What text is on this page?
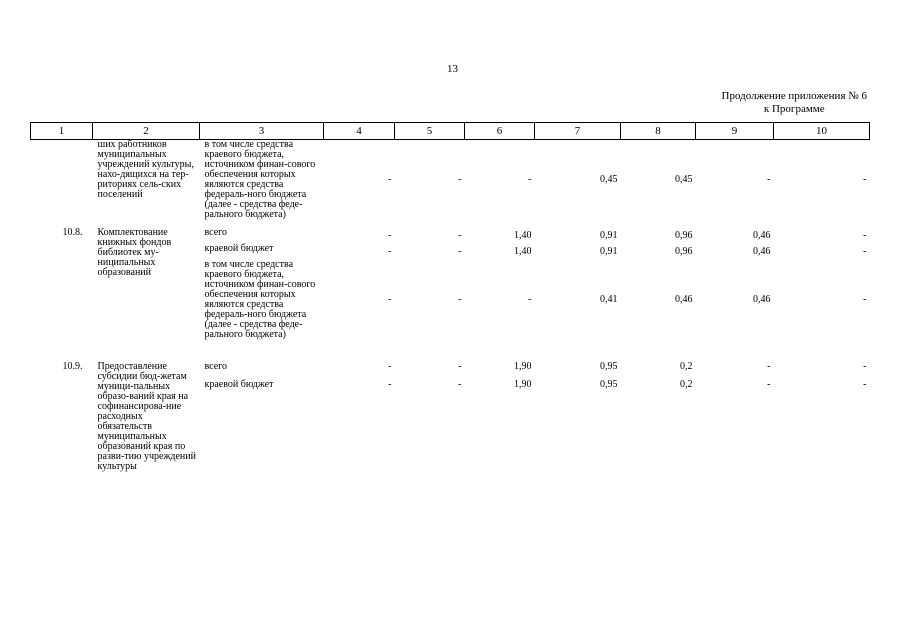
13
Продолжение приложения № 6
к Программе
1	2	3	4	5	6	7	8	9	10
	ших работников муниципальных учреждений культуры, нахо-дящихся на тер-риториях сель-ских поселений	в том числе средства краевого бюджета, источником финан-сового обеспечения которых являются средства федераль-ного бюджета (далее - средства феде-рального бюджета)	-	-	-	0,45	0,45	-	-

10.8.	Комплектование книжных фондов библиотек му-ниципальных образований	всего	-	-	1,40	0,91	0,96	0,46	-
		краевой бюджет	-	-	1,40	0,91	0,96	0,46	-
		в том числе средства краевого бюджета, источником финан-сового обеспечения которых являются средства федераль-ного бюджета (далее - средства феде-рального бюджета)	-	-	-	0,41	0,46	0,46	-

10.9.	Предоставление субсидии бюд-жетам муници-пальных образо-ваний края на софинансирова-ние расходных обязательств муниципальных образований края по разви-тию учреждений культуры	всего	-	-	1,90	0,95	0,2	-	-
		краевой бюджет	-	-	1,90	0,95	0,2	-	-
